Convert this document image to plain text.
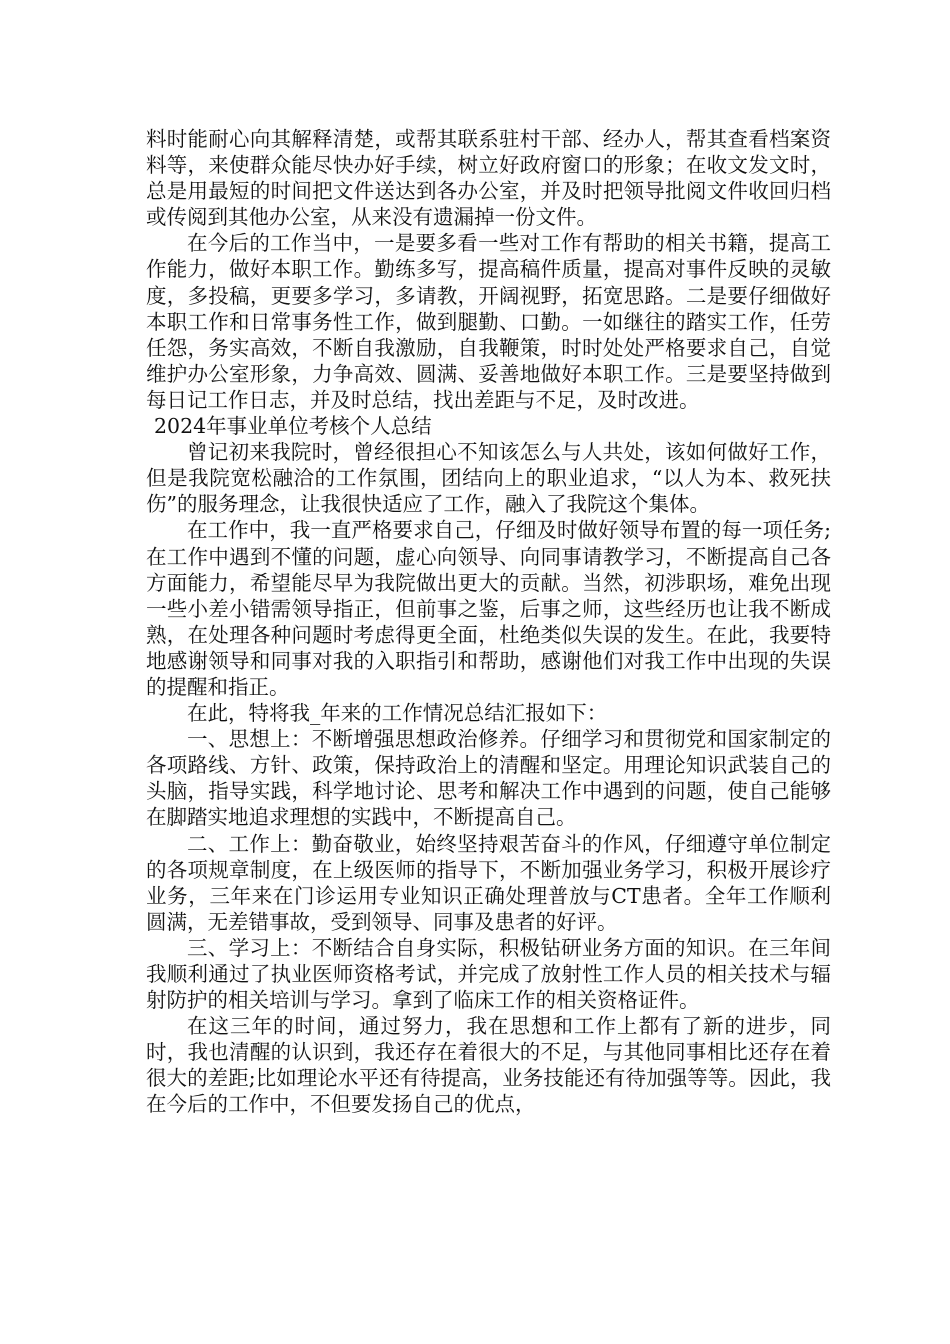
料时能耐心向其解释清楚，或帮其联系驻村干部、经办人，帮其查看档案资料等，来使群众能尽快办好手续，树立好政府窗口的形象；在收文发文时，总是用最短的时间把文件送达到各办公室，并及时把领导批阅文件收回归档或传阅到其他办公室，从来没有遗漏掉一份文件。

在今后的工作当中，一是要多看一些对工作有帮助的相关书籍，提高工作能力，做好本职工作。勤练多写，提高稿件质量，提高对事件反映的灵敏度，多投稿，更要多学习，多请教，开阔视野，拓宽思路。二是要仔细做好本职工作和日常事务性工作，做到腿勤、口勤。一如继往的踏实工作，任劳任怨，务实高效，不断自我激励，自我鞭策，时时处处严格要求自己，自觉维护办公室形象，力争高效、圆满、妥善地做好本职工作。三是要坚持做到每日记工作日志，并及时总结，找出差距与不足，及时改进。

2024年事业单位考核个人总结

曾记初来我院时，曾经很担心不知该怎么与人共处，该如何做好工作，但是我院宽松融洽的工作氛围，团结向上的职业追求，“以人为本、救死扶伤”的服务理念，让我很快适应了工作，融入了我院这个集体。

在工作中，我一直严格要求自己，仔细及时做好领导布置的每一项任务;在工作中遇到不懂的问题，虚心向领导、向同事请教学习，不断提高自己各方面能力，希望能尽早为我院做出更大的贡献。当然，初涉职场，难免出现一些小差小错需领导指正，但前事之鉴，后事之师，这些经历也让我不断成熟，在处理各种问题时考虑得更全面，杜绝类似失误的发生。在此，我要特地感谢领导和同事对我的入职指引和帮助，感谢他们对我工作中出现的失误的提醒和指正。

在此，特将我_年来的工作情况总结汇报如下：

一、思想上：不断增强思想政治修养。仔细学习和贯彻党和国家制定的各项路线、方针、政策，保持政治上的清醒和坚定。用理论知识武装自己的头脑，指导实践，科学地讨论、思考和解决工作中遇到的问题，使自己能够在脚踏实地追求理想的实践中，不断提高自己。

二、工作上：勤奋敬业，始终坚持艰苦奋斗的作风，仔细遵守单位制定的各项规章制度，在上级医师的指导下，不断加强业务学习，积极开展诊疗业务，三年来在门诊运用专业知识正确处理普放与CT患者。全年工作顺利圆满，无差错事故，受到领导、同事及患者的好评。

三、学习上：不断结合自身实际，积极钻研业务方面的知识。在三年间我顺利通过了执业医师资格考试，并完成了放射性工作人员的相关技术与辐射防护的相关培训与学习。拿到了临床工作的相关资格证件。

在这三年的时间，通过努力，我在思想和工作上都有了新的进步，同时，我也清醒的认识到，我还存在着很大的不足，与其他同事相比还存在着很大的差距;比如理论水平还有待提高，业务技能还有待加强等等。因此，我在今后的工作中，不但要发扬自己的优点，
